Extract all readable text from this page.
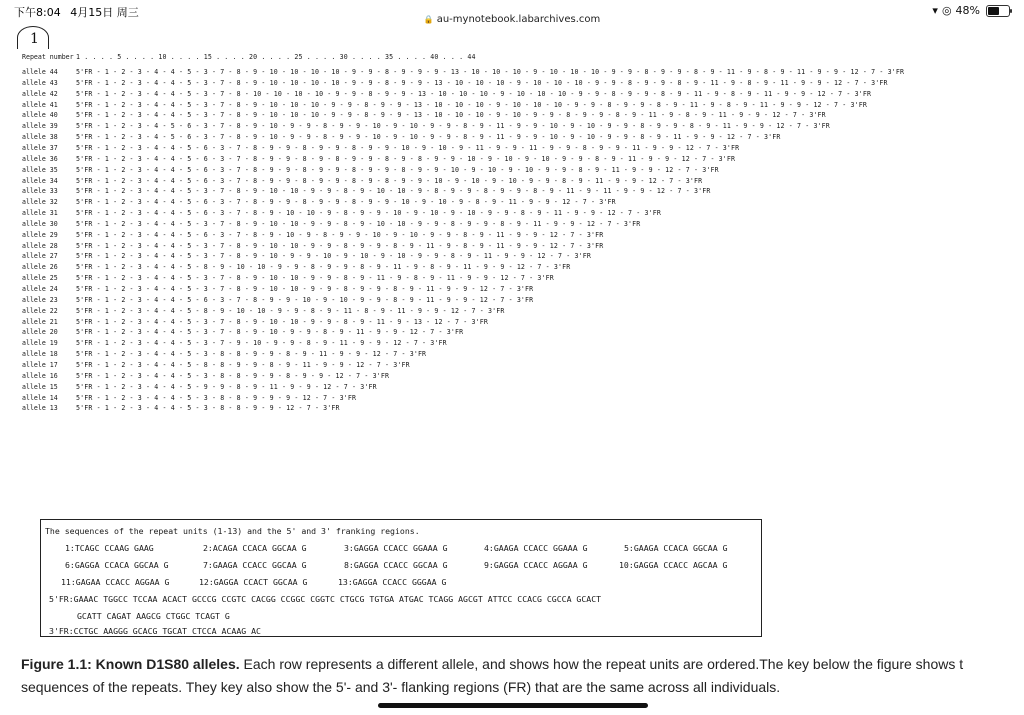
下午8:04 4月15日 周三	▾ ◎ 48%
🔒 au-mynotebook.labarchives.com
1
Repeat number 1 . . . . 5 . . . . 10 . . . . 15 . . . . 20 . . . . 25 . . . . 30 . . . . 35 . . . . 40 . . . 44
allele 44	5'FR - 1 - 2 - 3 - 4 - 4 - 5 - 3 - 7 - 8 - 9 - 10 - 10 - 10 - 10 - 9 - 9 - 8 - 9 - 9 - 9 - 13 - 10 - 10 - 10 - 9 - 10 - 10 - 10 - 9 - 9 - 8 - 9 - 9 - 8 - 9 - 11 - 9 - 8 - 9 - 11 - 9 - 9 - 12 - 7 - 3'FR
allele 43	5'FR - 1 - 2 - 3 - 4 - 4 - 5 - 3 - 7 - 8 - 9 - 10 - 10 - 10 - 10 - 9 - 9 - 8 - 9 - 9 - 13 - 10 - 10 - 10 - 9 - 10 - 10 - 10 - 9 - 9 - 8 - 9 - 9 - 8 - 9 - 11 - 9 - 8 - 9 - 11 - 9 - 9 - 12 - 7 - 3'FR
allele 42	5'FR - 1 - 2 - 3 - 4 - 4 - 5 - 3 - 7 - 8 - 10 - 10 - 10 - 10 - 9 - 9 - 8 - 9 - 9 - 13 - 10 - 10 - 10 - 9 - 10 - 10 - 10 - 9 - 9 - 8 - 9 - 9 - 8 - 9 - 11 - 9 - 8 - 9 - 11 - 9 - 9 - 12 - 7 - 3'FR
allele 41	5'FR - 1 - 2 - 3 - 4 - 4 - 5 - 3 - 7 - 8 - 9 - 10 - 10 - 10 - 9 - 9 - 8 - 9 - 9 - 13 - 10 - 10 - 10 - 9 - 10 - 10 - 10 - 9 - 9 - 8 - 9 - 9 - 8 - 9 - 11 - 9 - 8 - 9 - 11 - 9 - 9 - 12 - 7 - 3'FR
allele 40	5'FR - 1 - 2 - 3 - 4 - 4 - 5 - 3 - 7 - 8 - 9 - 10 - 10 - 10 - 9 - 9 - 8 - 9 - 9 - 13 - 10 - 10 - 10 - 9 - 10 - 9 - 9 - 8 - 9 - 9 - 8 - 9 - 11 - 9 - 8 - 9 - 11 - 9 - 9 - 12 - 7 - 3'FR
allele 39	5'FR - 1 - 2 - 3 - 4 - 5 - 6 - 3 - 7 - 8 - 9 - 10 - 9 - 9 - 8 - 9 - 9 - 10 - 9 - 10 - 9 - 9 - 8 - 9 - 11 - 9 - 9 - 10 - 9 - 10 - 9 - 9 - 8 - 9 - 9 - 8 - 9 - 11 - 9 - 9 - 12 - 7 - 3'FR
allele 38	5'FR - 1 - 2 - 3 - 4 - 5 - 6 - 3 - 7 - 8 - 9 - 10 - 9 - 9 - 8 - 9 - 9 - 10 - 9 - 10 - 9 - 9 - 8 - 9 - 11 - 9 - 9 - 10 - 9 - 10 - 9 - 9 - 8 - 9 - 11 - 9 - 9 - 12 - 7 - 3'FR
allele 37	5'FR - 1 - 2 - 3 - 4 - 4 - 5 - 6 - 3 - 7 - 8 - 9 - 9 - 8 - 9 - 9 - 8 - 9 - 9 - 10 - 9 - 10 - 9 - 11 - 9 - 9 - 11 - 9 - 9 - 8 - 9 - 9 - 11 - 9 - 9 - 12 - 7 - 3'FR
allele 36	5'FR - 1 - 2 - 3 - 4 - 4 - 5 - 6 - 3 - 7 - 8 - 9 - 9 - 8 - 9 - 8 - 9 - 9 - 8 - 9 - 8 - 9 - 9 - 10 - 9 - 10 - 9 - 10 - 9 - 9 - 8 - 9 - 11 - 9 - 9 - 12 - 7 - 3'FR
allele 35	5'FR - 1 - 2 - 3 - 4 - 4 - 5 - 6 - 3 - 7 - 8 - 9 - 9 - 8 - 9 - 9 - 8 - 9 - 9 - 8 - 9 - 9 - 10 - 9 - 10 - 9 - 10 - 9 - 9 - 8 - 9 - 11 - 9 - 9 - 12 - 7 - 3'FR
allele 34	5'FR - 1 - 2 - 3 - 4 - 4 - 5 - 6 - 3 - 7 - 8 - 9 - 9 - 8 - 9 - 9 - 8 - 9 - 8 - 9 - 9 - 10 - 9 - 10 - 9 - 10 - 9 - 9 - 8 - 9 - 11 - 9 - 9 - 12 - 7 - 3'FR
allele 33	5'FR - 1 - 2 - 3 - 4 - 4 - 5 - 3 - 7 - 8 - 9 - 10 - 10 - 9 - 9 - 8 - 9 - 10 - 10 - 9 - 8 - 9 - 9 - 8 - 9 - 9 - 8 - 9 - 11 - 9 - 11 - 9 - 9 - 12 - 7 - 3'FR
allele 32	5'FR - 1 - 2 - 3 - 4 - 4 - 5 - 6 - 3 - 7 - 8 - 9 - 9 - 8 - 9 - 9 - 8 - 9 - 9 - 10 - 9 - 10 - 9 - 8 - 9 - 11 - 9 - 9 - 12 - 7 - 3'FR
allele 31	5'FR - 1 - 2 - 3 - 4 - 4 - 5 - 6 - 3 - 7 - 8 - 9 - 10 - 10 - 9 - 8 - 9 - 9 - 10 - 9 - 10 - 9 - 10 - 9 - 9 - 8 - 9 - 11 - 9 - 9 - 12 - 7 - 3'FR
allele 30	5'FR - 1 - 2 - 3 - 4 - 4 - 5 - 3 - 7 - 8 - 9 - 10 - 10 - 9 - 9 - 8 - 9 - 10 - 10 - 9 - 9 - 8 - 9 - 9 - 8 - 9 - 11 - 9 - 9 - 12 - 7 - 3'FR
allele 29	5'FR - 1 - 2 - 3 - 4 - 4 - 5 - 6 - 3 - 7 - 8 - 9 - 10 - 9 - 8 - 9 - 9 - 10 - 9 - 10 - 9 - 9 - 8 - 9 - 11 - 9 - 9 - 12 - 7 - 3'FR
allele 28	5'FR - 1 - 2 - 3 - 4 - 4 - 5 - 3 - 7 - 8 - 9 - 10 - 10 - 9 - 9 - 8 - 9 - 9 - 8 - 9 - 11 - 9 - 8 - 9 - 11 - 9 - 9 - 12 - 7 - 3'FR
allele 27	5'FR - 1 - 2 - 3 - 4 - 4 - 5 - 3 - 7 - 8 - 9 - 10 - 9 - 9 - 10 - 9 - 10 - 9 - 10 - 9 - 9 - 8 - 9 - 11 - 9 - 9 - 12 - 7 - 3'FR
allele 26	5'FR - 1 - 2 - 3 - 4 - 4 - 5 - 8 - 9 - 10 - 10 - 9 - 9 - 8 - 9 - 9 - 8 - 9 - 11 - 9 - 8 - 9 - 11 - 9 - 9 - 12 - 7 - 3'FR
allele 25	5'FR - 1 - 2 - 3 - 4 - 4 - 5 - 3 - 7 - 8 - 9 - 10 - 10 - 9 - 9 - 8 - 9 - 11 - 9 - 8 - 9 - 11 - 9 - 9 - 12 - 7 - 3'FR
allele 24	5'FR - 1 - 2 - 3 - 4 - 4 - 5 - 3 - 7 - 8 - 9 - 10 - 10 - 9 - 9 - 8 - 9 - 9 - 8 - 9 - 11 - 9 - 9 - 12 - 7 - 3'FR
allele 23	5'FR - 1 - 2 - 3 - 4 - 4 - 5 - 6 - 3 - 7 - 8 - 9 - 9 - 10 - 9 - 10 - 9 - 9 - 8 - 9 - 11 - 9 - 9 - 12 - 7 - 3'FR
allele 22	5'FR - 1 - 2 - 3 - 4 - 4 - 5 - 8 - 9 - 10 - 10 - 9 - 9 - 8 - 9 - 11 - 8 - 9 - 11 - 9 - 9 - 12 - 7 - 3'FR
allele 21	5'FR - 1 - 2 - 3 - 4 - 4 - 5 - 3 - 7 - 8 - 9 - 10 - 10 - 9 - 9 - 8 - 9 - 11 - 9 - 13 - 12 - 7 - 3'FR
allele 20	5'FR - 1 - 2 - 3 - 4 - 4 - 5 - 3 - 7 - 8 - 9 - 10 - 9 - 9 - 8 - 9 - 11 - 9 - 9 - 12 - 7 - 3'FR
allele 19	5'FR - 1 - 2 - 3 - 4 - 4 - 5 - 3 - 7 - 9 - 10 - 9 - 9 - 8 - 9 - 11 - 9 - 9 - 12 - 7 - 3'FR
allele 18	5'FR - 1 - 2 - 3 - 4 - 4 - 5 - 3 - 8 - 8 - 9 - 9 - 8 - 9 - 11 - 9 - 9 - 12 - 7 - 3'FR
allele 17	5'FR - 1 - 2 - 3 - 4 - 4 - 5 - 8 - 8 - 9 - 9 - 8 - 9 - 11 - 9 - 9 - 12 - 7 - 3'FR
allele 16	5'FR - 1 - 2 - 3 - 4 - 4 - 5 - 3 - 8 - 8 - 9 - 9 - 8 - 9 - 9 - 12 - 7 - 3'FR
allele 15	5'FR - 1 - 2 - 3 - 4 - 4 - 5 - 9 - 9 - 8 - 9 - 11 - 9 - 9 - 12 - 7 - 3'FR
allele 14	5'FR - 1 - 2 - 3 - 4 - 4 - 5 - 3 - 8 - 8 - 9 - 9 - 9 - 12 - 7 - 3'FR
allele 13	5'FR - 1 - 2 - 3 - 4 - 4 - 5 - 3 - 8 - 8 - 9 - 9 - 12 - 7 - 3'FR
The sequences of the repeat units (1-13) and the 5' and 3' franking regions.
1:TCAGC CCAAG GAAG	2:ACAGA CCACA GGCAA G	3:GAGGA CCACC GGAAA G	4:GAAGA CCACC GGAAA G	5:GAAGA CCACA GGCAA G
6:GAGGA CCACA GGCAA G	7:GAAGA CCACC GGCAA G	8:GAGGA CCACC GGCAA G	9:GAGGA CCACC AGGAA G	10:GAGGA CCACC AGCAA G
11:GAGAA CCACC AGGAA G	12:GAGGA CCACT GGCAA G	13:GAGGA CCACC GGGAA G
5'FR:GAAAC TGGCC TCCAA ACACT GCCCG CCGTC CACGG CCGGC CGGTC CTGCG TGTGA ATGAC TCAGG AGCGT ATTCC CCACG CGCCA GCACT
GCATT CAGAT AAGCG CTGGC TCAGT G
3'FR:CCTGC AAGGG GCACG TGCAT CTCCA ACAAG AC
Figure 1.1: Known D1S80 alleles. Each row represents a different allele, and shows how the repeat units are ordered.The key below the figure shows t
sequences of the repeats. They key also show the 5'- and 3'- flanking regions (FR) that are the same across all individuals.
